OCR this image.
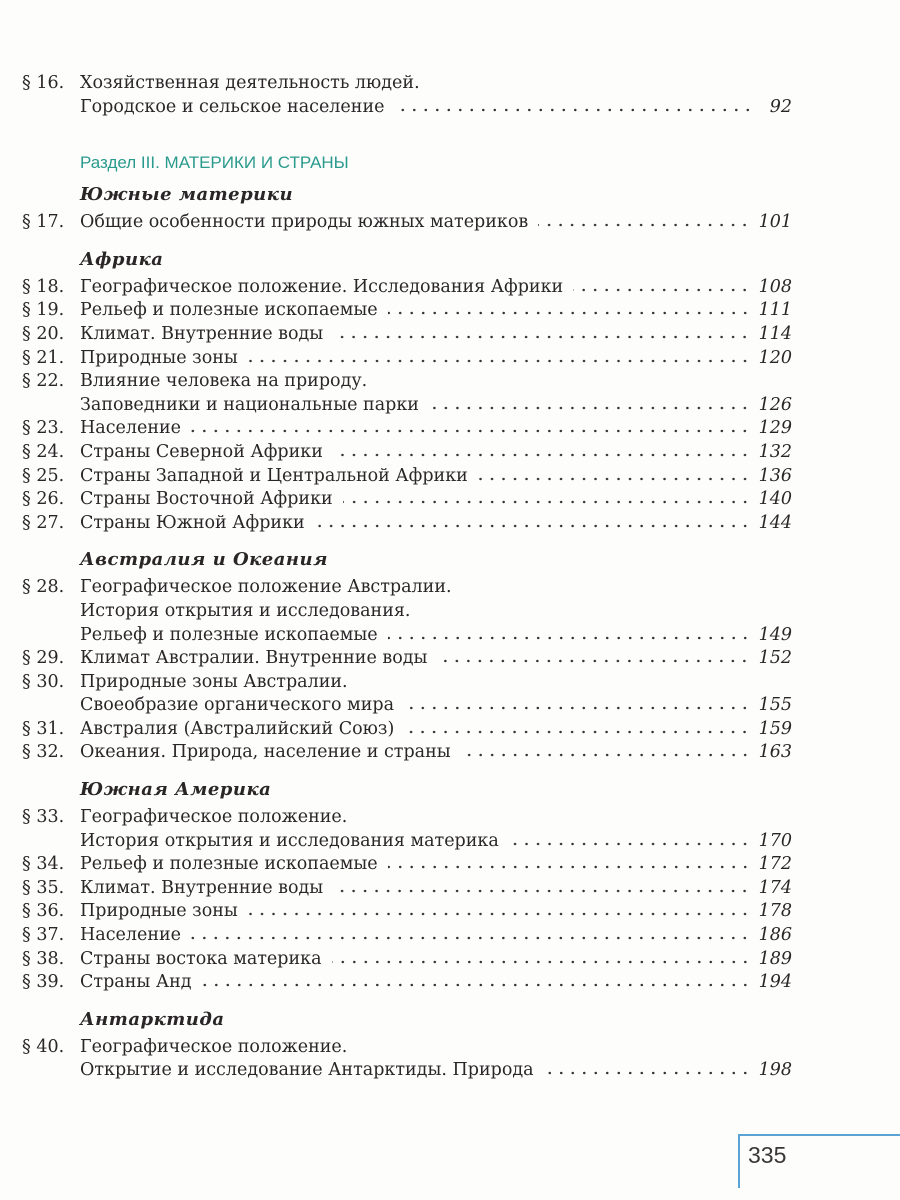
§ 16. Хозяйственная деятельность людей.
Городское и сельское население	92
Раздел III. МАТЕРИКИ И СТРАНЫ
Южные материки
§ 17. Общие особенности природы южных материков	101
Африка
§ 18. Географическое положение. Исследования Африки	108
§ 19. Рельеф и полезные ископаемые	111
§ 20. Климат. Внутренние воды	114
§ 21. Природные зоны	120
§ 22. Влияние человека на природу.
Заповедники и национальные парки	126
§ 23. Население	129
§ 24. Страны Северной Африки	132
§ 25. Страны Западной и Центральной Африки	136
§ 26. Страны Восточной Африки	140
§ 27. Страны Южной Африки	144
Австралия и Океания
§ 28. Географическое положение Австралии.
История открытия и исследования.
Рельеф и полезные ископаемые	149
§ 29. Климат Австралии. Внутренние воды	152
§ 30. Природные зоны Австралии.
Своеобразие органического мира	155
§ 31. Австралия (Австралийский Союз)	159
§ 32. Океания. Природа, население и страны	163
Южная Америка
§ 33. Географическое положение.
История открытия и исследования материка	170
§ 34. Рельеф и полезные ископаемые	172
§ 35. Климат. Внутренние воды	174
§ 36. Природные зоны	178
§ 37. Население	186
§ 38. Страны востока материка	189
§ 39. Страны Анд	194
Антарктида
§ 40. Географическое положение.
Открытие и исследование Антарктиды. Природа	198
335
